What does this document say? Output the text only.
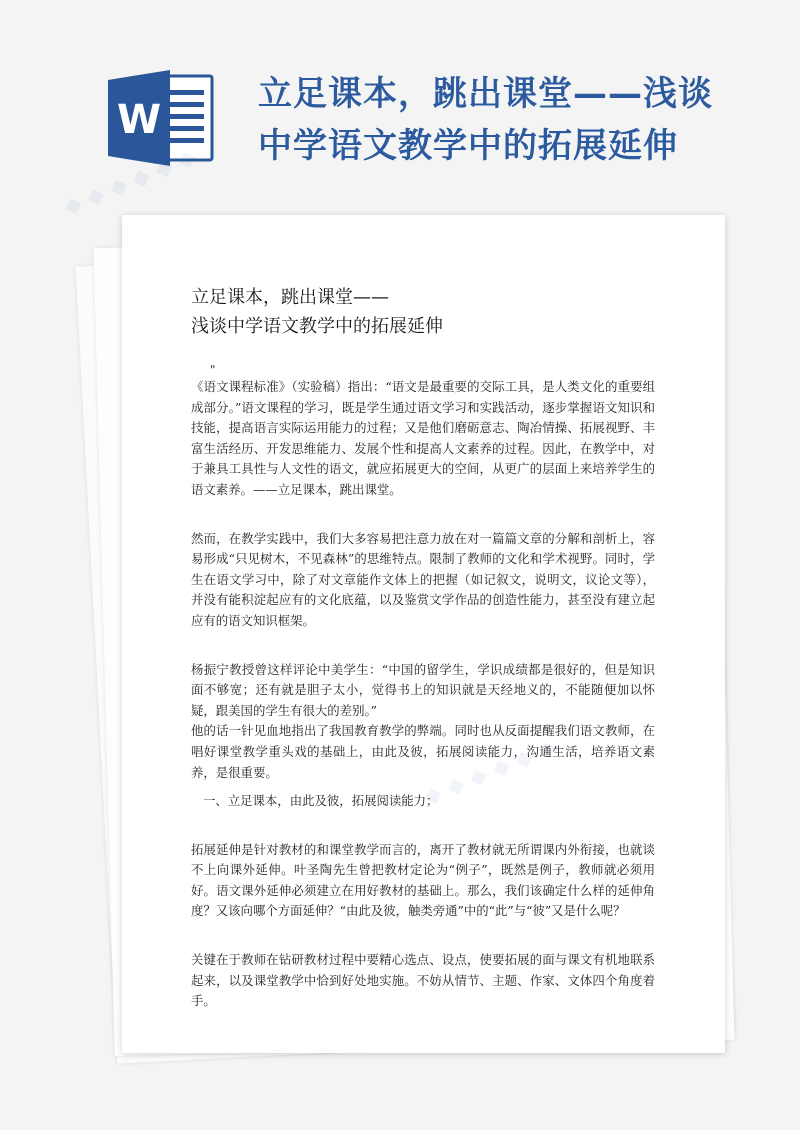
W
立足课本，跳出课堂——浅谈
中学语文教学中的拓展延伸
立足课本，跳出课堂——
浅谈中学语文教学中的拓展延伸
"

《语文课程标准》（实验稿）指出：“语文是最重要的交际工具，是人类文化的重要组成部分。”语文课程的学习，既是学生通过语文学习和实践活动，逐步掌握语文知识和技能，提高语言实际运用能力的过程；又是他们磨砺意志、陶冶情操、拓展视野、丰富生活经历、开发思维能力、发展个性和提高人文素养的过程。因此，在教学中，对于兼具工具性与人文性的语文，就应拓展更大的空间，从更广的层面上来培养学生的语文素养。——立足课本，跳出课堂。

然而，在教学实践中，我们大多容易把注意力放在对一篇篇文章的分解和剖析上，容易形成“只见树木，不见森林”的思维特点。限制了教师的文化和学术视野。同时，学生在语文学习中，除了对文章能作文体上的把握（如记叙文，说明文，议论文等），并没有能积淀起应有的文化底蕴，以及鉴赏文学作品的创造性能力，甚至没有建立起应有的语文知识框架。

杨振宁教授曾这样评论中美学生：“中国的留学生，学识成绩都是很好的，但是知识面不够宽；还有就是胆子太小，觉得书上的知识就是天经地义的，不能随便加以怀疑，跟美国的学生有很大的差别。”

他的话一针见血地指出了我国教育教学的弊端。同时也从反面提醒我们语文教师，在唱好课堂教学重头戏的基础上，由此及彼，拓展阅读能力，沟通生活，培养语文素养，是很重要。

一、立足课本，由此及彼，拓展阅读能力；

拓展延伸是针对教材的和课堂教学而言的，离开了教材就无所谓课内外衔接，也就谈不上向课外延伸。叶圣陶先生曾把教材定论为“例子”，既然是例子，教师就必须用好。语文课外延伸必须建立在用好教材的基础上。那么，我们该确定什么样的延伸角度？又该向哪个方面延伸？“由此及彼，触类旁通”中的“此”与“彼”又是什么呢？

关键在于教师在钻研教材过程中要精心选点、设点，使要拓展的面与课文有机地联系起来，以及课堂教学中恰到好处地实施。不妨从情节、主题、作家、文体四个角度着手。

◆ ◆ ◆ ◆ ◆ ◆
